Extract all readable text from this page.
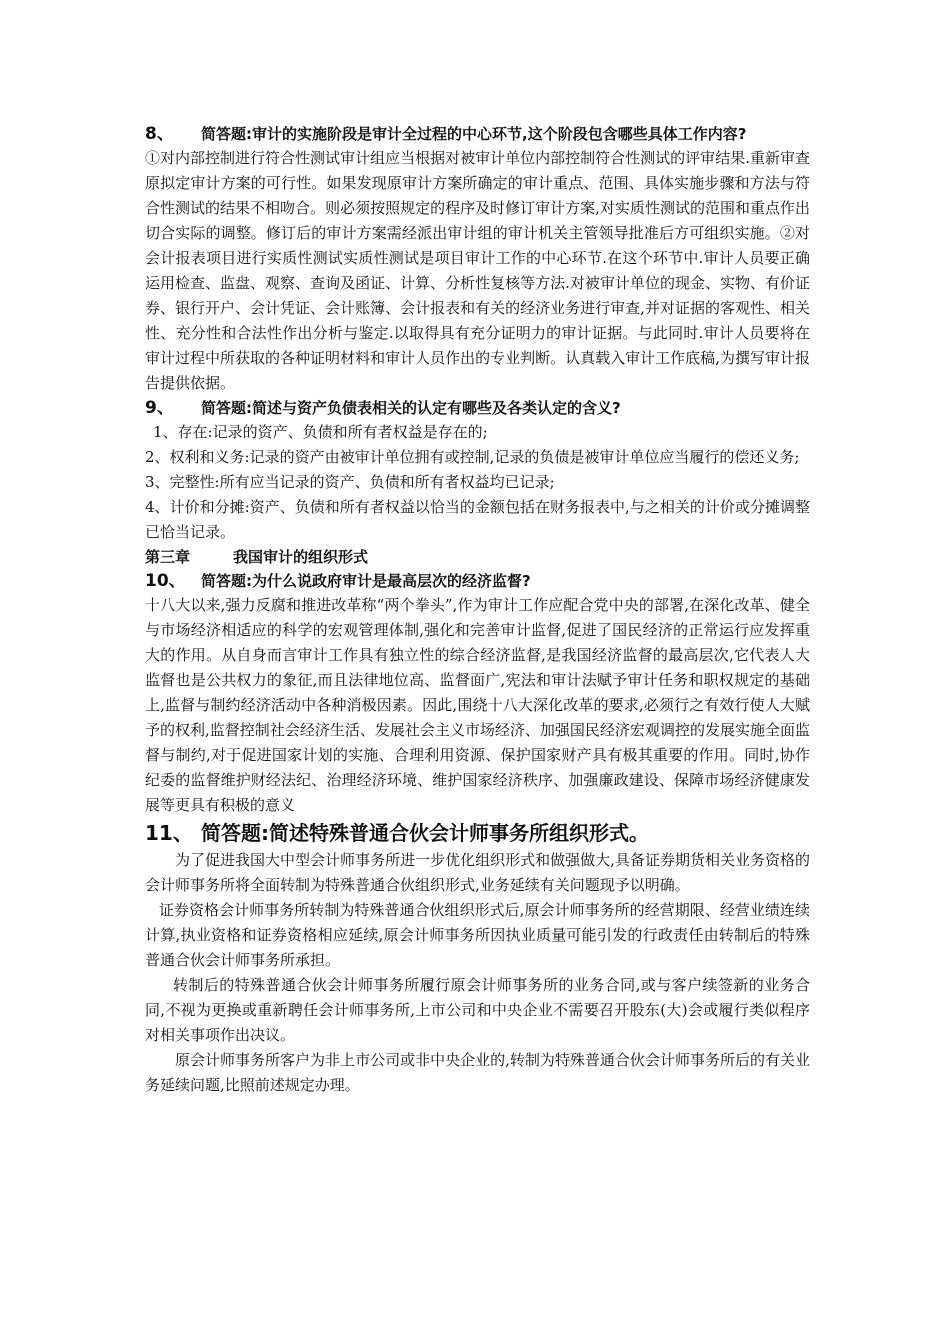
8、	简答题:审计的实施阶段是审计全过程的中心环节,这个阶段包含哪些具体工作内容?

①对内部控制进行符合性测试审计组应当根据对被审计单位内部控制符合性测试的评审结果.重新审查原拟定审计方案的可行性。如果发现原审计方案所确定的审计重点、范围、具体实施步骤和方法与符合性测试的结果不相吻合。则必须按照规定的程序及时修订审计方案,对实质性测试的范围和重点作出切合实际的调整。修订后的审计方案需经派出审计组的审计机关主管领导批准后方可组织实施。②对会计报表项目进行实质性测试实质性测试是项目审计工作的中心环节.在这个环节中.审计人员要正确运用检查、监盘、观察、查询及函证、计算、分析性复核等方法.对被审计单位的现金、实物、有价证券、银行开户、会计凭证、会计账簿、会计报表和有关的经济业务进行审查,并对证据的客观性、相关性、充分性和合法性作出分析与鉴定.以取得具有充分证明力的审计证据。与此同时.审计人员要将在审计过程中所获取的各种证明材料和审计人员作出的专业判断。认真载入审计工作底稿,为撰写审计报告提供依据。

9、	简答题:简述与资产负债表相关的认定有哪些及各类认定的含义?

1、存在:记录的资产、负债和所有者权益是存在的;

2、权利和义务:记录的资产由被审计单位拥有或控制,记录的负债是被审计单位应当履行的偿还义务;

3、完整性:所有应当记录的资产、负债和所有者权益均已记录;

4、计价和分摊:资产、负债和所有者权益以恰当的金额包括在财务报表中,与之相关的计价或分摊调整已恰当记录。

第三章	我国审计的组织形式
10、	简答题:为什么说政府审计是最高层次的经济监督?

十八大以来,强力反腐和推进改革称“两个拳头”,作为审计工作应配合党中央的部署,在深化改革、健全与市场经济相适应的科学的宏观管理体制,强化和完善审计监督,促进了国民经济的正常运行应发挥重大的作用。从自身而言审计工作具有独立性的综合经济监督,是我国经济监督的最高层次,它代表人大监督也是公共权力的象征,而且法律地位高、监督面广,宪法和审计法赋予审计任务和职权规定的基础上,监督与制约经济活动中各种消极因素。因此,围绕十八大深化改革的要求,必须行之有效行使人大赋予的权利,监督控制社会经济生活、发展社会主义市场经济、加强国民经济宏观调控的发展实施全面监督与制约,对于促进国家计划的实施、合理利用资源、保护国家财产具有极其重要的作用。同时,协作纪委的监督维护财经法纪、治理经济环境、维护国家经济秩序、加强廉政建设、保障市场经济健康发展等更具有积极的意义

11、 简答题:简述特殊普通合伙会计师事务所组织形式。

为了促进我国大中型会计师事务所进一步优化组织形式和做强做大,具备证券期货相关业务资格的会计师事务所将全面转制为特殊普通合伙组织形式,业务延续有关问题现予以明确。

证券资格会计师事务所转制为特殊普通合伙组织形式后,原会计师事务所的经营期限、经营业绩连续计算,执业资格和证券资格相应延续,原会计师事务所因执业质量可能引发的行政责任由转制后的特殊普通合伙会计师事务所承担。

转制后的特殊普通合伙会计师事务所履行原会计师事务所的业务合同,或与客户续签新的业务合同,不视为更换或重新聘任会计师事务所,上市公司和中央企业不需要召开股东(大)会或履行类似程序对相关事项作出决议。

原会计师事务所客户为非上市公司或非中央企业的,转制为特殊普通合伙会计师事务所后的有关业务延续问题,比照前述规定办理。
